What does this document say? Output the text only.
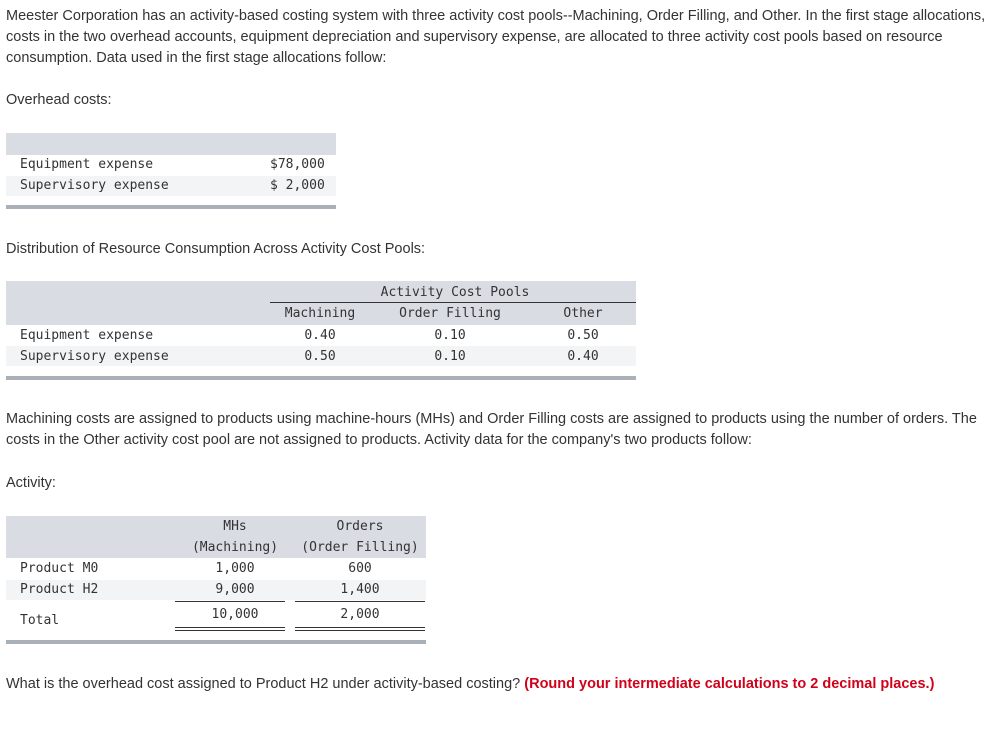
Meester Corporation has an activity-based costing system with three activity cost pools--Machining, Order Filling, and Other. In the first stage allocations, costs in the two overhead accounts, equipment depreciation and supervisory expense, are allocated to three activity cost pools based on resource consumption. Data used in the first stage allocations follow:

Overhead costs:

Equipment expense	$78,000
Supervisory expense	$ 2,000

Distribution of Resource Consumption Across Activity Cost Pools:

Activity Cost Pools
Machining	Order Filling	Other
Equipment expense	0.40	0.10	0.50
Supervisory expense	0.50	0.10	0.40

Machining costs are assigned to products using machine-hours (MHs) and Order Filling costs are assigned to products using the number of orders. The costs in the Other activity cost pool are not assigned to products. Activity data for the company's two products follow:

Activity:

MHs
(Machining)
Orders
(Order Filling)
Product M0	1,000	600
Product H2	9,000	1,400
Total	10,000	2,000

What is the overhead cost assigned to Product H2 under activity-based costing? (Round your intermediate calculations to 2 decimal places.)
